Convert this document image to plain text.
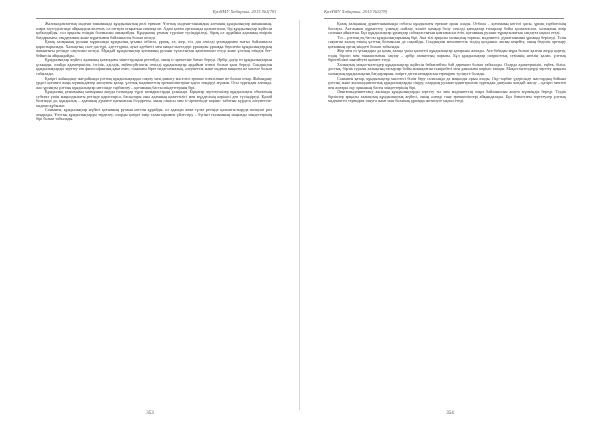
ҚазҰМУ Хабаршы. 2015 №3(78)

Жалпыадамзаттық мәдени танымында құндылықтың рөлі ерекше. Ұлттық мәдени-танымдық әлемінің құндылықтар жиынының, өзара тәуелділігінде айқындала келеміз, ол өзгеріп отыратын сипатқа ие. Адам қоғам ортасында қалыптасып, бір құндылықтар жүйесін қабылдайды, сол арқылы өзіндік болмысын анықтайды. Құндылық ұғымы түрліше түсіндіріледі, бірақ ол әрдайым адамның өмірлік бағдарымен, таңдауымен және мұратымен байланысты болып келеді.

Қазақ халқының рухани мұрасында құндылық ұғымы отбасы, ұрпақ, ел, жер, тіл, дін секілді ұғымдармен тығыз байланыста қарастырылады. Халықтың салт-дәстүрі, әдет-ғұрпы, ауыз әдебиеті мен мақал-мәтелдері ұрпақтан ұрпаққа берілетін құндылықтардың жиынтығы ретінде сақталып келеді. Мұндай құндылықтар қоғамның рухани тұтастығын қамтамасыз етеді және ұлттың өзіндік бет-бейнесін айқындайды.

Құндылықтар жүйесі адамның қоғамдағы мінез-құлқын реттейді, оның іс-әрекетіне бағыт береді. Әрбір дәуір өз құндылықтарын ұсынады, алайда адамгершілік, ізгілік, әділдік, еңбексүйгіштік секілді құндылықтар әрдайым өзекті болып қала береді. Сондықтан құндылықтарды зерттеу тек философиялық қана емес, сонымен бірге педагогикалық, әлеуметтік және мәдени маңызға ие мәселе болып табылады.

Қазіргі жаһандану жағдайында ұлттық құндылықтарды сақтау мен дамыту мәселесі ерекше өзектілікке ие болып отыр. Жаһандану үрдісі қоғамға жаңа мүмкіндіктер әкелумен қатар, ұлттық мәдениеттің ерекшеліктеріне қауіп төндіруі мүмкін. Осы тұрғыдан алғанда, жас ұрпақты ұлттық құндылықтар негізінде тәрбиелеу – қоғамның басты міндеттерінің бірі.

Құндылық ұғымының мазмұнын ашуда ғалымдар түрлі көзқарастарды ұсынады. Бірқатар зерттеушілер құндылықты объектінің субъект үшін маңыздылығы ретінде қарастырса, басқалары оны адамның қажеттілігі мен мүддесінің көрінісі деп түсіндіреді. Қалай болғанда да, құндылық – адамның дүниеге қатынасын білдіретін, оның санасы мен іс-әрекетінде көрініс табатын күрделі әлеуметтік-мәдени құбылыс.

Сонымен, құндылықтар жүйесі қоғамның рухани негізін құрайды, ол адамды жеке тұлға ретінде қалыптастыруда шешуші рөл атқарады. Ұлттық құндылықтарды зерделеу, оларды қазіргі өмір талаптарымен үйлестіру – бүгінгі ғылымның маңызды міндеттерінің бірі болып табылады.

353
ҚазҰМУ Хабаршы. 2015 №3(78)

Қазақ халқының дүниетанымында отбасы құндылығы ерекше орын алады. Отбасы – қоғамның негізгі ұясы, ұрпақ тәрбиесінің бастауы. Ата-ананы құрметтеу, үлкенді сыйлау, кішіге қамқор болу секілді қағидалар ғасырлар бойы қалыптасып, халықтың өмір салтына айналған. Бұл құндылықтар ұрпақтар сабақтастығын қамтамасыз етіп, қоғамның рухани тұрақтылығын сақтауға ықпал етеді.

Тіл – ұлттың ең басты құндылықтарының бірі. Ана тілі арқылы халықтың тарихы, мәдениеті, дүниетанымы ұрпаққа беріледі. Тілін сақтаған халық өзінің ұлттық болмысын да сақтайды. Сондықтан мемлекеттік тілдің қолданыс аясын кеңейту, оның беделін арттыру қоғамның ортақ міндеті болып табылады.

Жер мен ел ұғымдары да қазақ халқы үшін қасиетті құндылықтар қатарына жатады. Ата-бабадан мұра болып қалған жерді қорғау, елдің бірлігі мен тыныштығын сақтау – әрбір азаматтың парызы. Бұл құндылықтар патриоттық сезімнің негізін қалап, ұлттық бірегейлікті нығайтуға қызмет етеді.

Халықтық мақал-мәтелдер құндылықтар жүйесін бейнелейтін бай дереккөз болып табылады. Оларда адамгершілік, еңбек, білім, достық, бірлік туралы халықтың ғасырлар бойы жинақтаған тәжірибесі мен даналығы көрініс тапқан. Мақал-мәтелдерді зерттеу арқылы халықтың құндылықтық бағдарларын, өмірге деген көзқарасын тереңірек түсінуге болады.

Сонымен қатар, құндылықтар мәселесі білім беру саласында да маңызды орын алады. Оқу-тәрбие үдерісінде жастардың бойына ұлттық және жалпыадамзаттық құндылықтарды сіңіру, олардың рухани-адамгершілік тұрғыдан дамуына жағдай жасау – қазіргі мектеп пен жоғары оқу орнының басты міндеттерінің бірі.

Лингвомәдениеттану аясында құндылықтарды зерттеу тіл мен мәдениеттің өзара байланысын ашуға мүмкіндік береді. Тілдік бірліктер арқылы халықтың құндылықтық жүйесі, оның әлемді тану ерекшеліктері айқындалады. Бұл бағыттағы зерттеулер ұлттық мәдениетті тереңірек тануға және оны болашақ ұрпаққа жеткізуге ықпал етеді.

354
